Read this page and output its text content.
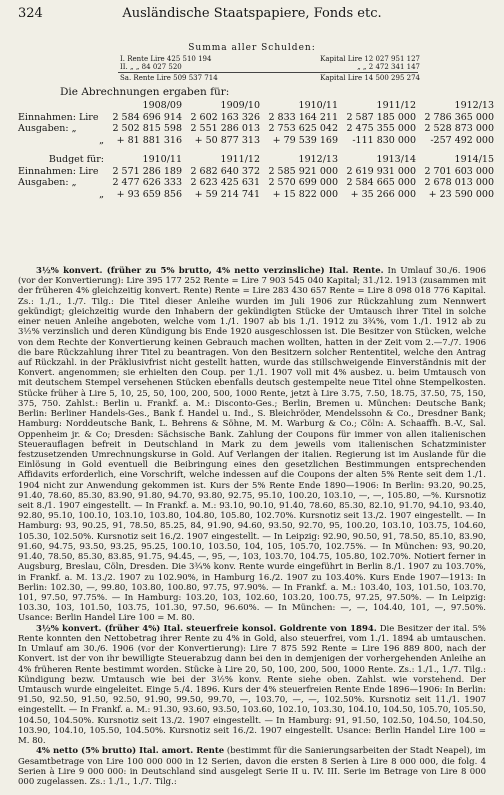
324	Ausländische Staatspapiere, Fonds etc.
Summa aller Schulden:
I. Rente Lire 425 510 194	Kapital Lire 12 027 951 127
II. „ „ 84 027 520	„ „ 2 472 341 147
Sa. Rente Lire 509 537 714	Kapital Lire 14 500 295 274
Die Abrechnungen ergaben für:
	1908/09	1909/10	1910/11	1911/12	1912/13
Einnahmen: Lire	2 584 696 914	2 602 163 326	2 833 164 211	2 587 185 000	2 786 365 000
Ausgaben: „	2 502 815 598	2 551 286 013	2 753 625 042	2 475 355 000	2 528 873 000
„	+ 81 881 316	+ 50 877 313	+ 79 539 169	-111 830 000	-257 492 000
Budget für:	1910/11	1911/12	1912/13	1913/14	1914/15
Einnahmen: Lire	2 571 286 189	2 682 640 372	2 585 921 000	2 619 931 000	2 701 603 000
Ausgaben: „	2 477 626 333	2 623 425 631	2 570 699 000	2 584 665 000	2 678 013 000
„	+ 93 659 856	+ 59 214 741	+ 15 822 000	+ 35 266 000	+ 23 590 000

3½% konvert. (früher zu 5% brutto, 4% netto verzinsliche) Ital. Rente. In Umlauf 30./6. 1906 (vor der Konvertierung): Lire 395 177 252 Rente = Lire 7 903 545 040 Kapital; 31./12. 1913 (zusammen mit der früheren 4% gleichzeitig konvert. Rente) Rente = Lire 283 430 657 Rente = Lire 8 098 018 776 Kapital. Zs.: 1./1., 1./7. Tilg.: Die Titel dieser Anleihe wurden im Juli 1906 zur Rückzahlung zum Nennwert gekündigt; gleichzeitig wurde den Inhabern der gekündigten Stücke der Umtausch ihrer Titel in solche einer neuen Anleihe angeboten, welche vom 1./1. 1907 ab bis 1./1. 1912 zu 3¾%, vom 1./1. 1912 ab zu 3½% verzinslich und deren Kündigung bis Ende 1920 ausgeschlossen ist. Die Besitzer von Stücken, welche von dem Rechte der Konvertierung keinen Gebrauch machen wollten, hatten in der Zeit vom 2.—7./7. 1906 die bare Rückzahlung ihrer Titel zu beantragen. Von den Besitzern solcher Rententitel, welche den Antrag auf Rückzahl. in der Präklusivfrist nicht gestellt hatten, wurde das stillschweigende Einverständnis mit der Konvert. angenommen; sie erhielten den Coup. per 1./1. 1907 voll mit 4% ausbez. u. beim Umtausch von mit deutschem Stempel versehenen Stücken ebenfalls deutsch gestempelte neue Titel ohne Stempelkosten. Stücke früher à Lire 5, 10, 25, 50, 100, 200, 500, 1000 Rente, jetzt à Lire 3.75, 7.50, 18.75, 37.50, 75, 150, 375, 750. Zahlst.: Berlin u. Frankf. a. M.: Disconto-Ges.; Berlin, Bremen u. München: Deutsche Bank; Berlin: Berliner Handels-Ges., Bank f. Handel u. Ind., S. Bleichröder, Mendelssohn & Co., Dresdner Bank; Hamburg: Norddeutsche Bank, L. Behrens & Söhne, M. M. Warburg & Co.; Cöln: A. Schaaffh. B.-V., Sal. Oppenheim jr. & Co; Dresden: Sächsische Bank. Zahlung der Coupons für immer von allen italienischen Steuerauflagen befreit in Deutschland in Mark zu dem jeweils vom italienischen Schatzminister festzusetzenden Umrechnungskurse in Gold. Auf Verlangen der italien. Regierung ist im Auslande für die Einlösung in Gold eventuell die Beibringung eines den gesetzlichen Bestimmungen entsprechenden Affidavits erforderlich, eine Vorschrift, welche indessen auf die Coupons der alten 5% Rente seit dem 1./1. 1904 nicht zur Anwendung gekommen ist. Kurs der 5% Rente Ende 1890—1906: In Berlin: 93.20, 90.25, 91.40, 78.60, 85.30, 83.90, 91.80, 94.70, 93.80, 92.75, 95.10, 100.20, 103.10, —, —, 105.80, —%. Kursnotiz seit 8./1. 1907 eingestellt. — In Frankf. a. M.: 93.10, 90.10, 91.40, 78.60, 85.30, 82.10, 91.70, 94.10, 93.40, 92.80, 95.10, 100.10, 103.10, 103.80, 104.80, 105.80, 102.70%. Kursnotiz seit 13./2. 1907 eingestellt. — In Hamburg: 93, 90.25, 91, 78.50, 85.25, 84, 91.90, 94.60, 93.50, 92.70, 95, 100.20, 103.10, 103.75, 104.60, 105.30, 102.50%. Kursnotiz seit 16./2. 1907 eingestellt. — In Leipzig: 92.90, 90.50, 91, 78.50, 85.10, 83.90, 91.60, 94.75, 93.50, 93.25, 95.25, 100.10, 103.50, 104, 105, 105.70, 102.75%. — In München: 93, 90.20, 91.40, 78.50, 85.30, 83.85, 91.75, 94.45, —, 95, —, 103, 103.70, 104.75, 105.80, 102.70%. Notiert ferner in Augsburg, Breslau, Cöln, Dresden. Die 3¾% konv. Rente wurde eingeführt in Berlin 8./1. 1907 zu 103.70%, in Frankf. a. M. 13./2. 1907 zu 102.90%, in Hamburg 16./2. 1907 zu 103.40%. Kurs Ende 1907—1913: In Berlin: 102.30, —, 99.80, 103.80, 100.80, 97.75, 97.90%. — In Frankf. a. M.: 103.40, 103, 101.50, 103.70, 101, 97.50, 97.75%. — In Hamburg: 103.20, 103, 102.60, 103.20, 100.75, 97.25, 97.50%. — In Leipzig: 103.30, 103, 101.50, 103.75, 101.30, 97.50, 96.60%. — In München: —, —, 104.40, 101, —, 97.50%. Usance: Berlin Handel Lire 100 = M. 80.

3½% konvert. (früher 4%) Ital. steuerfreie konsol. Goldrente von 1894. Die Besitzer der ital. 5% Rente konnten den Nettobetrag ihrer Rente zu 4% in Gold, also steuerfrei, vom 1./1. 1894 ab umtauschen. In Umlauf am 30./6. 1906 (vor der Konvertierung): Lire 7 875 592 Rente = Lire 196 889 800, nach der Konvert. ist der von ihr bewilligte Steuerabzug dann bei den in demjenigen der vorhergehenden Anleihe an 4% früheren Rente bestimmt worden. Stücke à Lire 20, 50, 100, 200, 500, 1000 Rente. Zs.: 1./1., 1./7. Tilg.: Kündigung bezw. Umtausch wie bei der 3½% konv. Rente siehe oben. Zahlst. wie vorstehend. Der Umtausch wurde eingeleitet. Einge 5./4. 1896. Kurs der 4% steuerfreien Rente Ende 1896—1906: In Berlin: 91.50, 92.50, 91.50, 92.50, 91.90, 99.50, 99.70, —, 103.70, —, —, 102.50%. Kursnotiz seit 11./1. 1907 eingestellt. — In Frankf. a. M.: 91.30, 93.60, 93.50, 103.60, 102.10, 103.30, 104.10, 104.50, 105.70, 105.50, 104.50, 104.50%. Kursnotiz seit 13./2. 1907 eingestellt. — In Hamburg: 91, 91.50, 102.50, 104.50, 104.50, 103.90, 104.10, 105.50, 104.50%. Kursnotiz seit 16./2. 1907 eingestellt. Usance: Berlin Handel Lire 100 = M. 80.

4% netto (5% brutto) Ital. amort. Rente (bestimmt für die Sanierungsarbeiten der Stadt Neapel), im Gesamtbetrage von Lire 100 000 000 in 12 Serien, davon die ersten 8 Serien à Lire 8 000 000, die folg. 4 Serien à Lire 9 000 000: in Deutschland sind ausgelegt Serie II u. IV. III. Serie im Betrage von Lire 8 000 000 zugelassen. Zs.: 1./1., 1./7. Tilg.:
